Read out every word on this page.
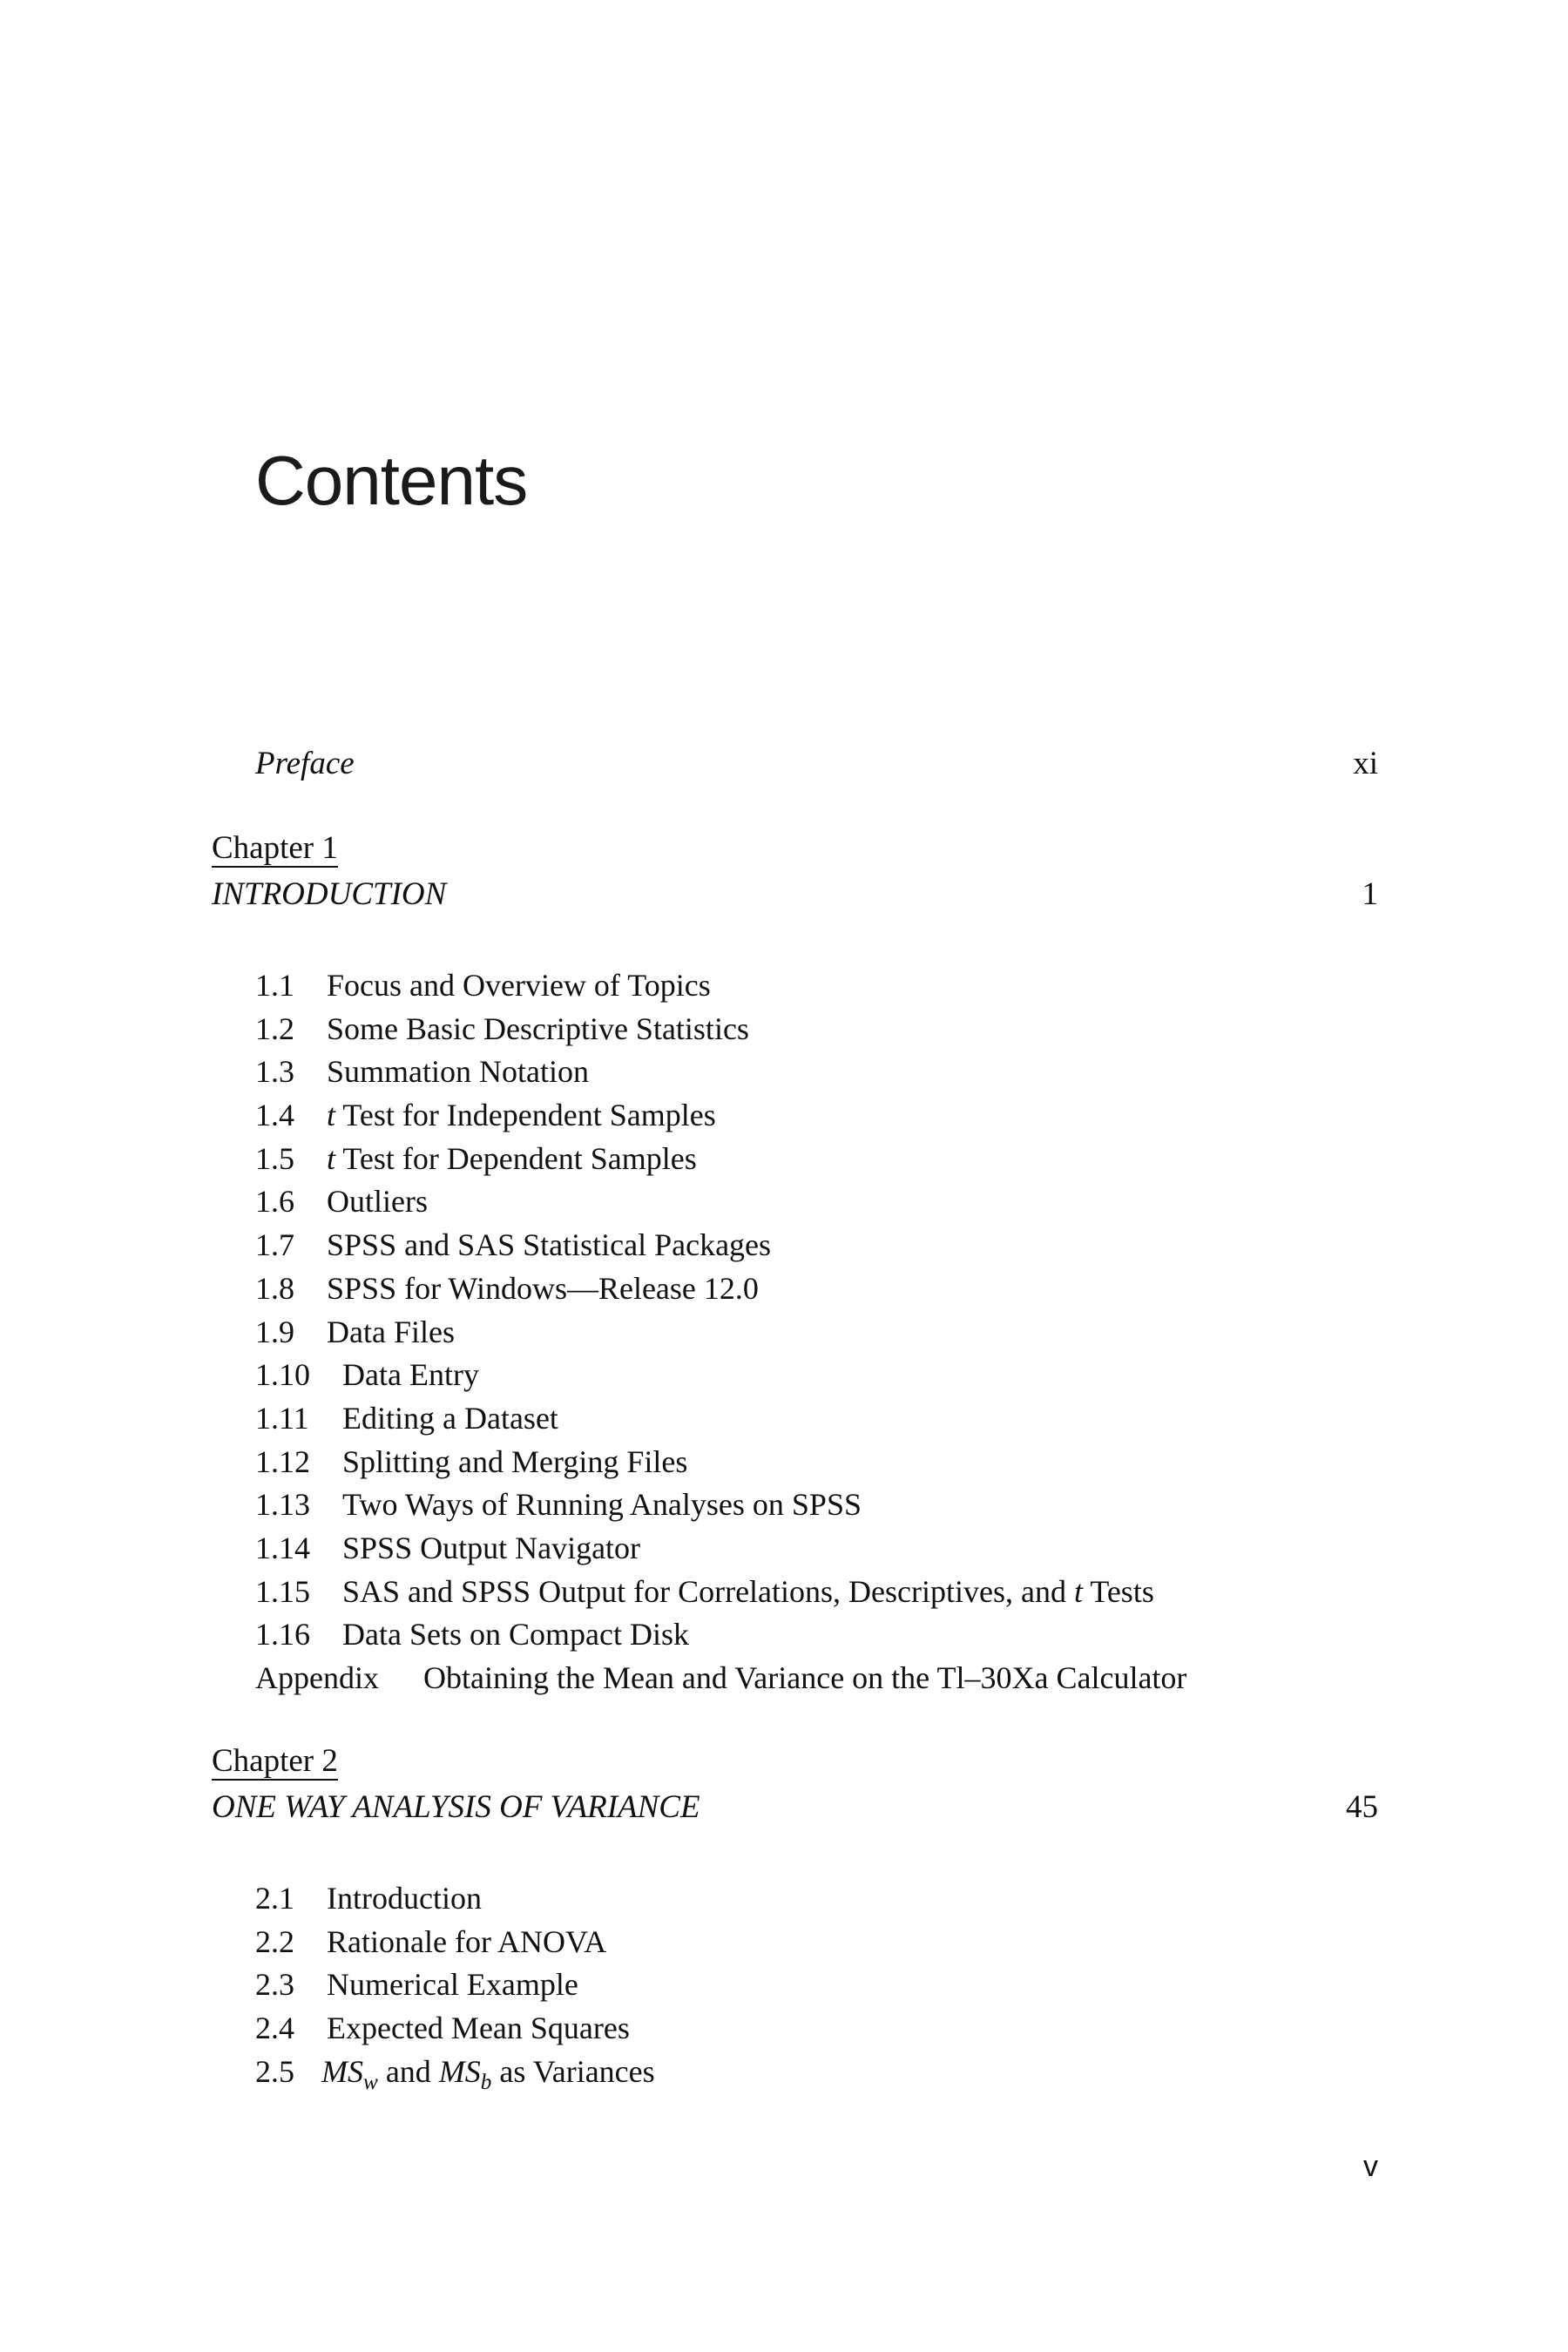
Contents
Preface	xi
Chapter 1
INTRODUCTION	1
1.1 Focus and Overview of Topics
1.2 Some Basic Descriptive Statistics
1.3 Summation Notation
1.4 t Test for Independent Samples
1.5 t Test for Dependent Samples
1.6 Outliers
1.7 SPSS and SAS Statistical Packages
1.8 SPSS for Windows—Release 12.0
1.9 Data Files
1.10 Data Entry
1.11 Editing a Dataset
1.12 Splitting and Merging Files
1.13 Two Ways of Running Analyses on SPSS
1.14 SPSS Output Navigator
1.15 SAS and SPSS Output for Correlations, Descriptives, and t Tests
1.16 Data Sets on Compact Disk
Appendix Obtaining the Mean and Variance on the Tl–30Xa Calculator
Chapter 2
ONE WAY ANALYSIS OF VARIANCE	45
2.1 Introduction
2.2 Rationale for ANOVA
2.3 Numerical Example
2.4 Expected Mean Squares
2.5 $MS_w$ and $MS_b$ as Variances
v
